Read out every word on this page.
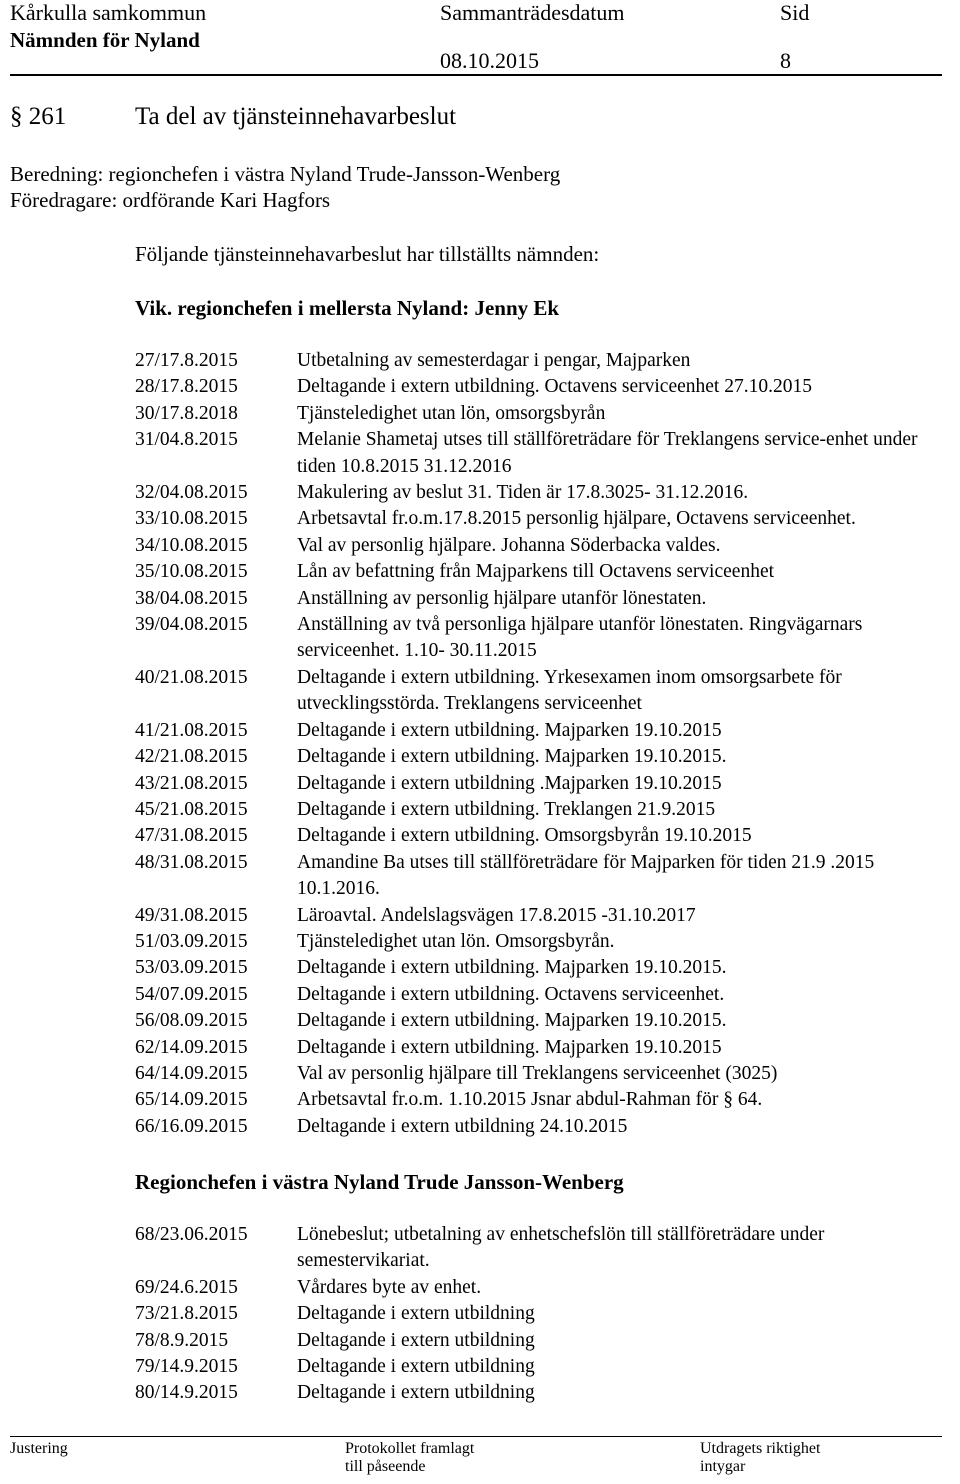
Kårkulla samkommun
Nämnden för Nyland
Sammanträdesdatum	Sid
08.10.2015	8
§ 261	Ta del av tjänsteinnehavarbeslut
Beredning: regionchefen i västra Nyland Trude-Jansson-Wenberg
Föredragare: ordförande Kari Hagfors
Följande tjänsteinnehavarbeslut har tillställts nämnden:
Vik. regionchefen i mellersta Nyland: Jenny Ek
27/17.8.2015	Utbetalning av semesterdagar i pengar, Majparken
28/17.8.2015	Deltagande i extern utbildning. Octavens serviceenhet 27.10.2015
30/17.8.2018	Tjänsteledighet utan lön, omsorgsbyrån
31/04.8.2015	Melanie Shametaj utses till ställföreträdare för Treklangens service-enhet under tiden 10.8.2015 31.12.2016
32/04.08.2015	Makulering av beslut 31. Tiden är 17.8.3025- 31.12.2016.
33/10.08.2015	Arbetsavtal fr.o.m.17.8.2015 personlig hjälpare, Octavens serviceenhet.
34/10.08.2015	Val av personlig hjälpare. Johanna Söderbacka valdes.
35/10.08.2015	Lån av befattning från Majparkens till Octavens serviceenhet
38/04.08.2015	Anställning av personlig hjälpare utanför lönestaten.
39/04.08.2015	Anställning av två personliga hjälpare utanför lönestaten. Ringvägarnars serviceenhet. 1.10- 30.11.2015
40/21.08.2015	Deltagande i extern utbildning. Yrkesexamen inom omsorgsarbete för utvecklingsstörda. Treklangens serviceenhet
41/21.08.2015	Deltagande i extern utbildning. Majparken 19.10.2015
42/21.08.2015	Deltagande i extern utbildning. Majparken 19.10.2015.
43/21.08.2015	Deltagande i extern utbildning .Majparken 19.10.2015
45/21.08.2015	Deltagande i extern utbildning. Treklangen 21.9.2015
47/31.08.2015	Deltagande i extern utbildning. Omsorgsbyrån 19.10.2015
48/31.08.2015	Amandine Ba utses till ställföreträdare för Majparken för tiden 21.9 .2015 10.1.2016.
49/31.08.2015	Läroavtal. Andelslagsvägen 17.8.2015 -31.10.2017
51/03.09.2015	Tjänsteledighet utan lön. Omsorgsbyrån.
53/03.09.2015	Deltagande i extern utbildning. Majparken 19.10.2015.
54/07.09.2015	Deltagande i extern utbildning. Octavens serviceenhet.
56/08.09.2015	Deltagande i extern utbildning. Majparken 19.10.2015.
62/14.09.2015	Deltagande i extern utbildning. Majparken 19.10.2015
64/14.09.2015	Val av personlig hjälpare till Treklangens serviceenhet (3025)
65/14.09.2015	Arbetsavtal fr.o.m. 1.10.2015 Jsnar abdul-Rahman för § 64.
66/16.09.2015	Deltagande i extern utbildning 24.10.2015
Regionchefen i västra Nyland Trude Jansson-Wenberg
68/23.06.2015	Lönebeslut; utbetalning av enhetschefslön till ställföreträdare under semestervikariat.
69/24.6.2015	Vårdares byte av enhet.
73/21.8.2015	Deltagande i extern utbildning
78/8.9.2015	Deltagande i extern utbildning
79/14.9.2015	Deltagande i extern utbildning
80/14.9.2015	Deltagande i extern utbildning
Justering	Protokollet framlagt
till påseende
Utdragets riktighet
intygar
